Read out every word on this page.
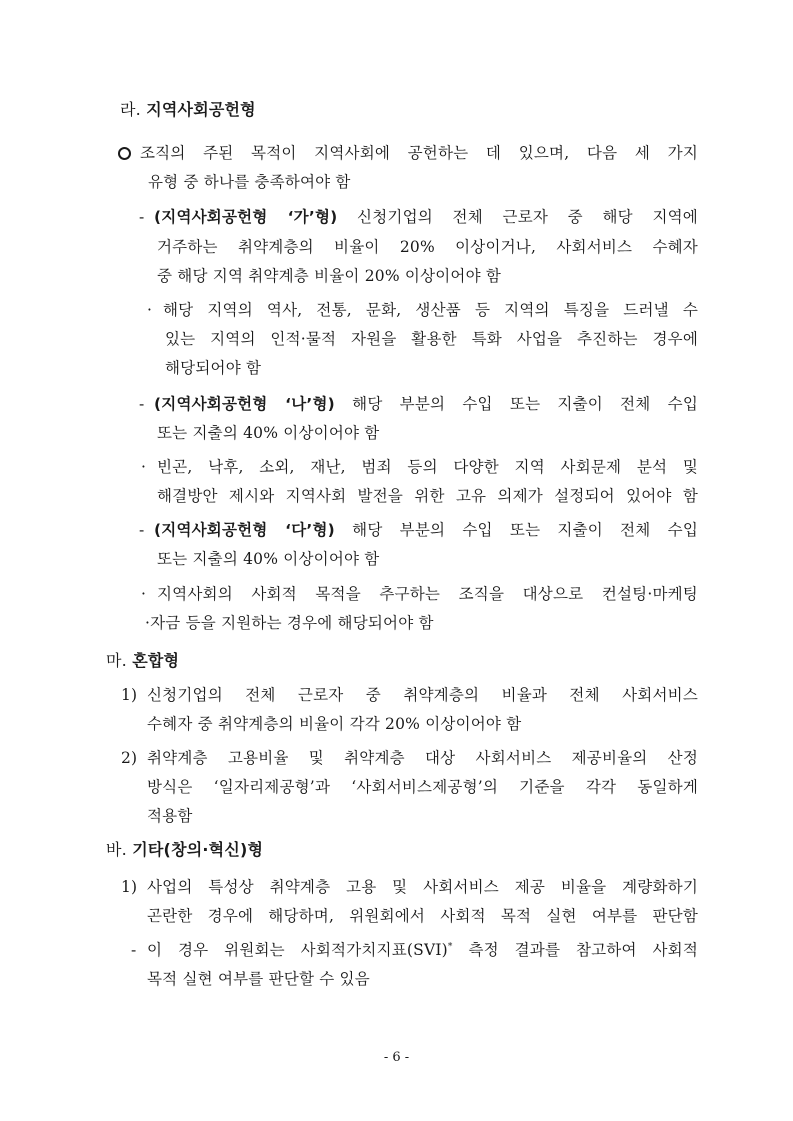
라. 지역사회공헌형
조직의 주된 목적이 지역사회에 공헌하는 데 있으며, 다음 세 가지
유형 중 하나를 충족하여야 함
- (지역사회공헌형 ‘가’형) 신청기업의 전체 근로자 중 해당 지역에
거주하는 취약계층의 비율이 20% 이상이거나, 사회서비스 수혜자
중 해당 지역 취약계층 비율이 20% 이상이어야 함
· 해당 지역의 역사, 전통, 문화, 생산품 등 지역의 특징을 드러낼 수
있는 지역의 인적·물적 자원을 활용한 특화 사업을 추진하는 경우에
해당되어야 함
- (지역사회공헌형 ‘나’형) 해당 부분의 수입 또는 지출이 전체 수입
또는 지출의 40% 이상이어야 함
· 빈곤, 낙후, 소외, 재난, 범죄 등의 다양한 지역 사회문제 분석 및
해결방안 제시와 지역사회 발전을 위한 고유 의제가 설정되어 있어야 함
- (지역사회공헌형 ‘다’형) 해당 부분의 수입 또는 지출이 전체 수입
또는 지출의 40% 이상이어야 함
· 지역사회의 사회적 목적을 추구하는 조직을 대상으로 컨설팅·마케팅
·자금 등을 지원하는 경우에 해당되어야 함
마. 혼합형
1) 신청기업의 전체 근로자 중 취약계층의 비율과 전체 사회서비스
수혜자 중 취약계층의 비율이 각각 20% 이상이어야 함
2) 취약계층 고용비율 및 취약계층 대상 사회서비스 제공비율의 산정
방식은 ‘일자리제공형’과 ‘사회서비스제공형’의 기준을 각각 동일하게
적용함
바. 기타(창의·혁신)형
1) 사업의 특성상 취약계층 고용 및 사회서비스 제공 비율을 계량화하기
곤란한 경우에 해당하며, 위원회에서 사회적 목적 실현 여부를 판단함
- 이 경우 위원회는 사회적가치지표(SVI)* 측정 결과를 참고하여 사회적
목적 실현 여부를 판단할 수 있음
- 6 -
